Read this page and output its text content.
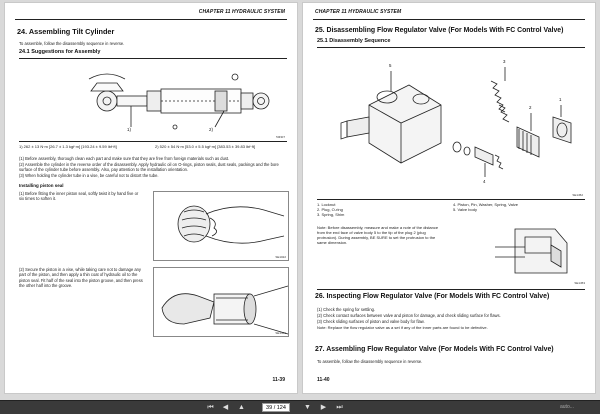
CHAPTER 11 HYDRAULIC SYSTEM
24. Assembling Tilt Cylinder
To assemble, follow the disassembly sequence in reverse.
24.1 Suggestions for Assembly
1)	2)
50N07
1) 262 ± 13 N·m [26.7 ± 1.3 kgf·m] [193.24 ± 9.59 lbf·ft]	2) 520 ± 54 N·m [53.0 ± 5.5 kgf·m] [383.53 ± 39.83 lbf·ft]
(1) Before assembly, thorough clean each part and make sure that they are free from foreign materials such as dust.
(2) Assemble the cylinder in the reverse order of the disassembly. Apply hydraulic oil on O-rings, piston seals, dust seals, packings and the bore surface of the cylinder tube before assembly. Also, pay attention to the installation orientation.
(3) When holding the cylinder tube in a vise, be careful not to distort the tube.
Installing piston seal
(1) Before fitting the inner piston seal, softly twist it by hand five or six times to soften it.
SE1022
(2) Secure the piston in a vise, while taking care not to damage any part of the piston, and then apply a thin coat of hydraulic oil to the piston seal. Fit half of the seal into the piston groove, and then press the other half into the groove.
SE1451
11-39
CHAPTER 11 HYDRAULIC SYSTEM
25. Disassembling Flow Regulator Valve (For Models With FC Control Valve)
25.1 Disassembly Sequence
5
3
1
2
4
SE1452
1. Locknut
2. Plug, O-ring
3. Spring, Shim
4. Piston, Pin, Washer, Spring, Valve
5. Valve body
Note: Before disassembly, measure and make a note of the distance from the end face of valve body 5 to the tip of the plug 2 (plug protrusion). During assembly, BE SURE to set the protrusion to the same dimension.
SE1453
26. Inspecting Flow Regulator Valve (For Models With FC Control Valve)
(1) Check the spring for settling.
(2) Check contact surfaces between valve and piston for damage, and check sliding surface for flaws.
(3) Check sliding surfaces of piston and valve body for flaw.
Note: Replace the flow regulator valve as a set if any of the inner parts are found to be defective.
27. Assembling Flow Regulator Valve (For Models With FC Control Valve)
To assemble, follow the disassembly sequence in reverse.
11-40
⏮	◀	▲	39 / 124	▼	▶	⏭	auto...
